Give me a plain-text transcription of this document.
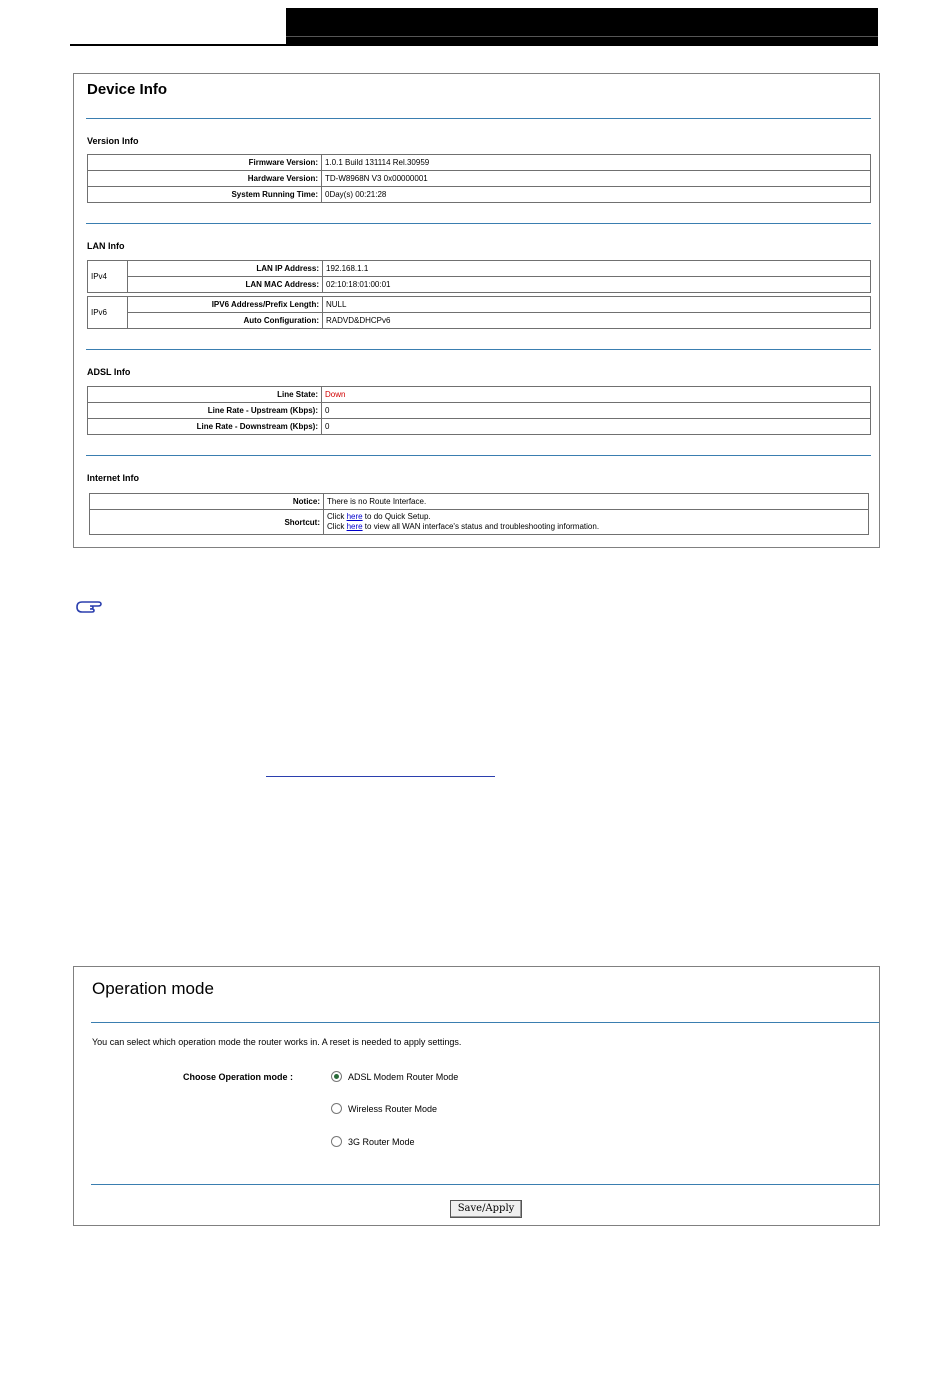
Device Info
Version Info
Firmware Version:	1.0.1 Build 131114 Rel.30959
Hardware Version:	TD-W8968N V3 0x00000001
System Running Time:	0Day(s) 00:21:28
LAN Info
IPv4	LAN IP Address:	192.168.1.1
	LAN MAC Address:	02:10:18:01:00:01
IPv6	IPV6 Address/Prefix Length:	NULL
	Auto Configuration:	RADVD&DHCPv6
ADSL Info
Line State:	Down
Line Rate - Upstream (Kbps):	0
Line Rate - Downstream (Kbps):	0
Internet Info
Notice:	There is no Route Interface.
Shortcut:	Click here to do Quick Setup.
Click here to view all WAN interface's status and troubleshooting information.
Operation mode
You can select which operation mode the router works in. A reset is needed to apply settings.
Choose Operation mode :	ADSL Modem Router Mode
Wireless Router Mode
3G Router Mode
Save/Apply
